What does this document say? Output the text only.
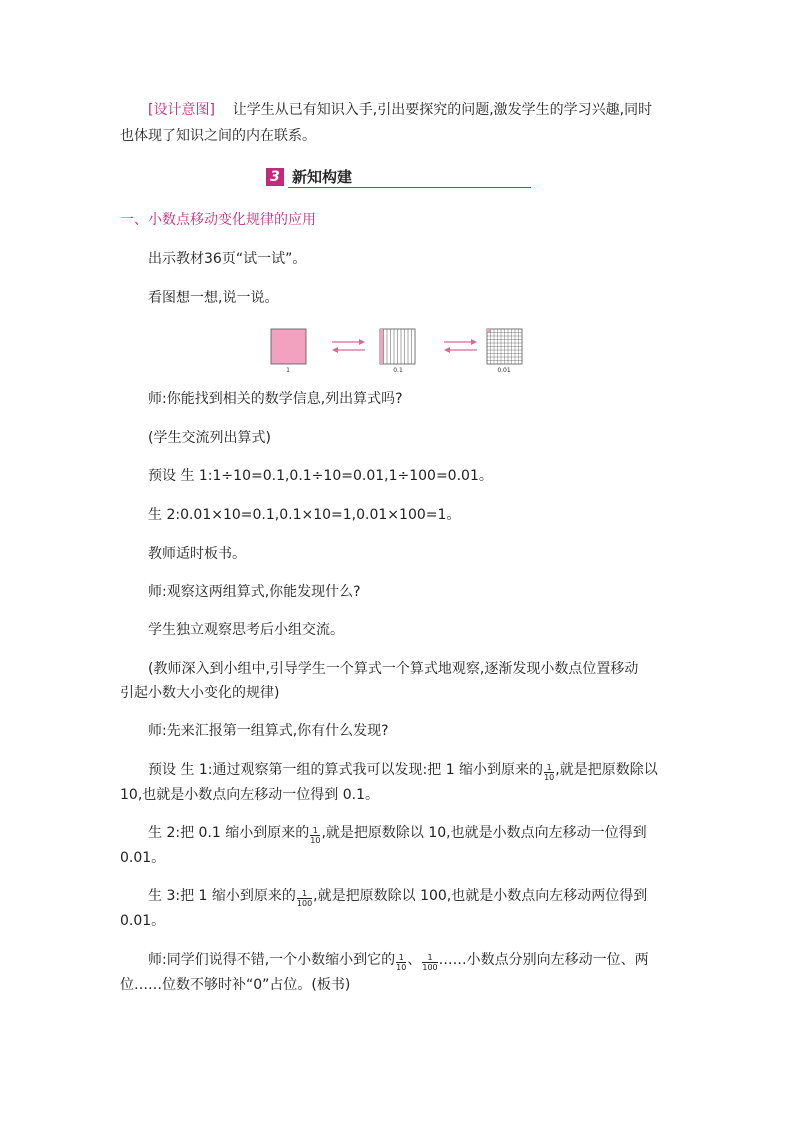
[设计意图] 让学生从已有知识入手,引出要探究的问题,激发学生的学习兴趣,同时
也体现了知识之间的内在联系。
3 新知构建
一、小数点移动变化规律的应用
出示教材36页“试一试”。
看图想一想,说一说。
1	0.1	0.01
师:你能找到相关的数学信息,列出算式吗?
(学生交流列出算式)
预设 生 1:1÷10=0.1,0.1÷10=0.01,1÷100=0.01。
生 2:0.01×10=0.1,0.1×10=1,0.01×100=1。
教师适时板书。
师:观察这两组算式,你能发现什么?
学生独立观察思考后小组交流。
(教师深入到小组中,引导学生一个算式一个算式地观察,逐渐发现小数点位置移动
引起小数大小变化的规律)
师:先来汇报第一组算式,你有什么发现?
预设 生 1:通过观察第一组的算式我可以发现:把 1 缩小到原来的 $\frac{1}{10}$ ,就是把原数除以
10,也就是小数点向左移动一位得到 0.1。
生 2:把 0.1 缩小到原来的 $\frac{1}{10}$ ,就是把原数除以 10,也就是小数点向左移动一位得到
0.01。
生 3:把 1 缩小到原来的 $\frac{1}{100}$ ,就是把原数除以 100,也就是小数点向左移动两位得到
0.01。
师:同学们说得不错,一个小数缩小到它的 $\frac{1}{10}$ 、 $\frac{1}{100}$ ……小数点分别向左移动一位、两
位……位数不够时补“0”占位。(板书)
